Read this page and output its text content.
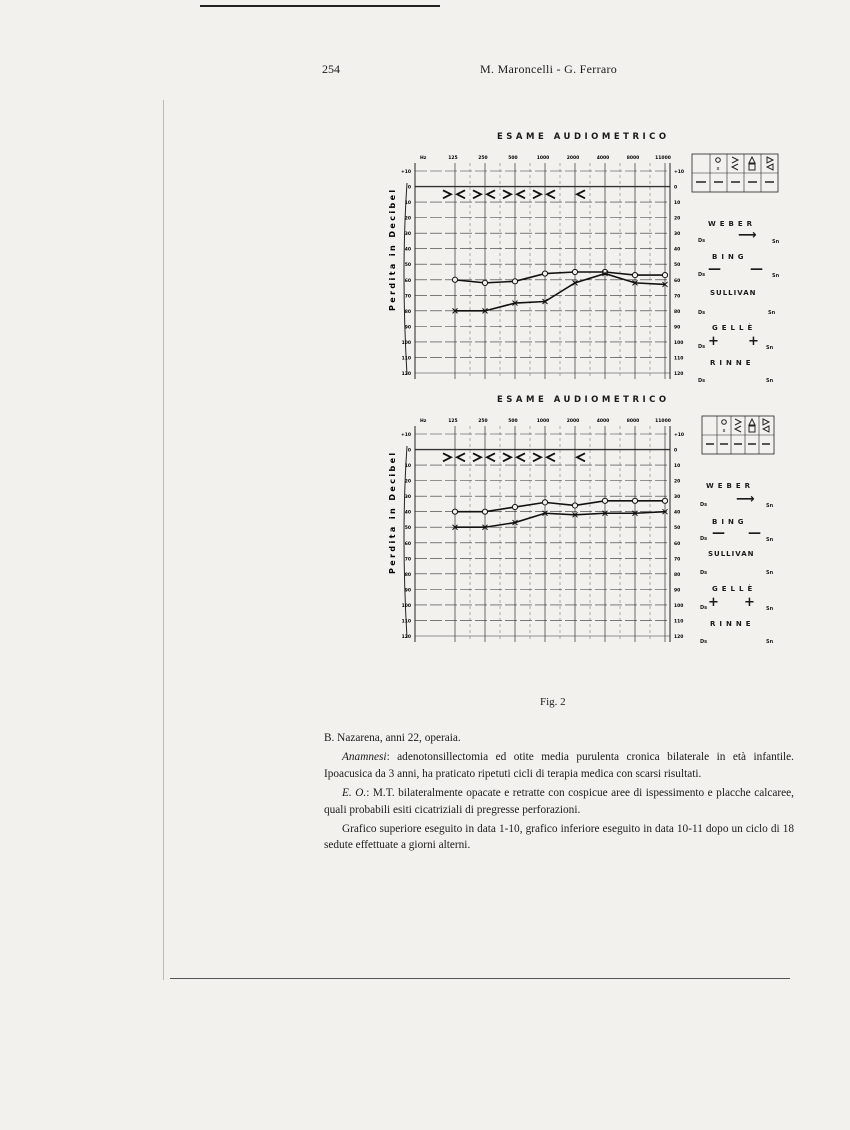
254	M. Maroncelli - G. Ferraro
ESAME AUDIOMETRICO
Perdita in Decibel
+10	+10
0	0
10	10
20	20
30	30
40	40
50	50
60	60
70	70
80	80
90	90
100	100
110	110
120	120
125	250	500	1000	2000	4000	8000	11000
Hz
x
WEBER
Ds	⟶	Sn
BING
Ds — — Sn
SULLIVAN
Ds	Sn
GELLÈ
Ds + + Sn
RINNE
Ds	Sn
ESAME AUDIOMETRICO
Perdita in Decibel
+10	+10
0	0
10	10
20	20
30	30
40	40
50	50
60	60
70	70
80	80
90	90
100	100
110	110
120	120
125	250	500	1000	2000	4000	8000	11000
Hz
x
WEBER
Ds ⟶ Sn
BING
Ds — — Sn
SULLIVAN
Ds	Sn
GELLÈ
Ds + + Sn
RINNE
Ds	Sn
Fig. 2

B. Nazarena, anni 22, operaia.

Anamnesi: adenotonsillectomia ed otite media purulenta cronica bilaterale in età infantile. Ipoacusica da 3 anni, ha praticato ripetuti cicli di terapia medica con scarsi risultati.

E. O.: M.T. bilateralmente opacate e retratte con cospicue aree di ispessimento e placche calcaree, quali probabili esiti cicatriziali di pregresse perforazioni.

Grafico superiore eseguito in data 1-10, grafico inferiore eseguito in data 10-11 dopo un ciclo di 18 sedute effettuate a giorni alterni.
